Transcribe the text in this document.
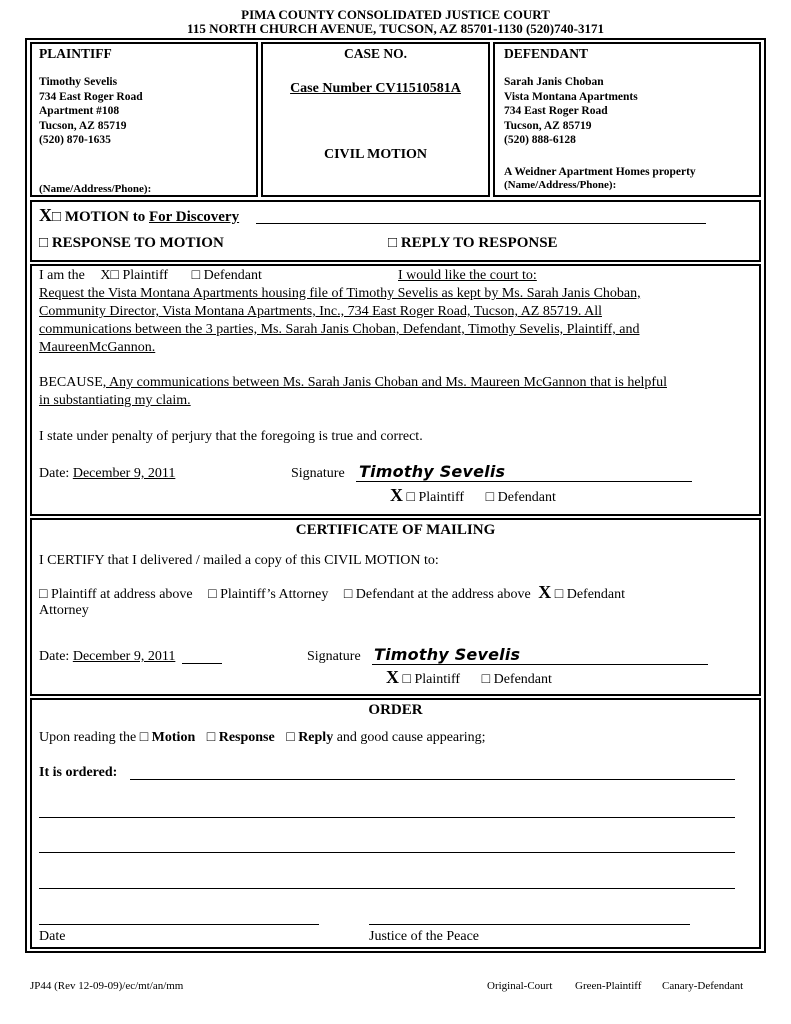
PIMA COUNTY CONSOLIDATED JUSTICE COURT
115 NORTH CHURCH AVENUE, TUCSON, AZ 85701-1130 (520)740-3171
PLAINTIFF
Timothy Sevelis
734 East Roger Road
Apartment #108
Tucson, AZ 85719
(520) 870-1635
(Name/Address/Phone):
CASE NO.
Case Number CV11510581A
CIVIL MOTION
DEFENDANT
Sarah Janis Choban
Vista Montana Apartments
734 East Roger Road
Tucson, AZ 85719
(520) 888-6128
A Weidner Apartment Homes property
(Name/Address/Phone):
X□ MOTION to For Discovery
□ RESPONSE TO MOTION	□ REPLY TO RESPONSE
I am the X□ Plaintiff □ Defendant	I would like the court to:
Request the Vista Montana Apartments housing file of Timothy Sevelis as kept by Ms. Sarah Janis Choban,
Community Director, Vista Montana Apartments, Inc., 734 East Roger Road, Tucson, AZ 85719. All
communications between the 3 parties, Ms. Sarah Janis Choban, Defendant, Timothy Sevelis, Plaintiff, and
MaureenMcGannon.
BECAUSE, Any communications between Ms. Sarah Janis Choban and Ms. Maureen McGannon that is helpful
in substantiating my claim.
I state under penalty of perjury that the foregoing is true and correct.
Date: December 9, 2011	Signature Timothy Sevelis
X □ Plaintiff □ Defendant
CERTIFICATE OF MAILING
I CERTIFY that I delivered / mailed a copy of this CIVIL MOTION to:
□ Plaintiff at address above □ Plaintiff’s Attorney □ Defendant at the address above X □ Defendant
Attorney
Date: December 9, 2011	Signature Timothy Sevelis
X □ Plaintiff □ Defendant
ORDER
Upon reading the □ Motion □ Response □ Reply and good cause appearing;
It is ordered:
Date	Justice of the Peace
JP44 (Rev 12-09-09)/ec/mt/an/mm	Original-Court Green-Plaintiff Canary-Defendant
